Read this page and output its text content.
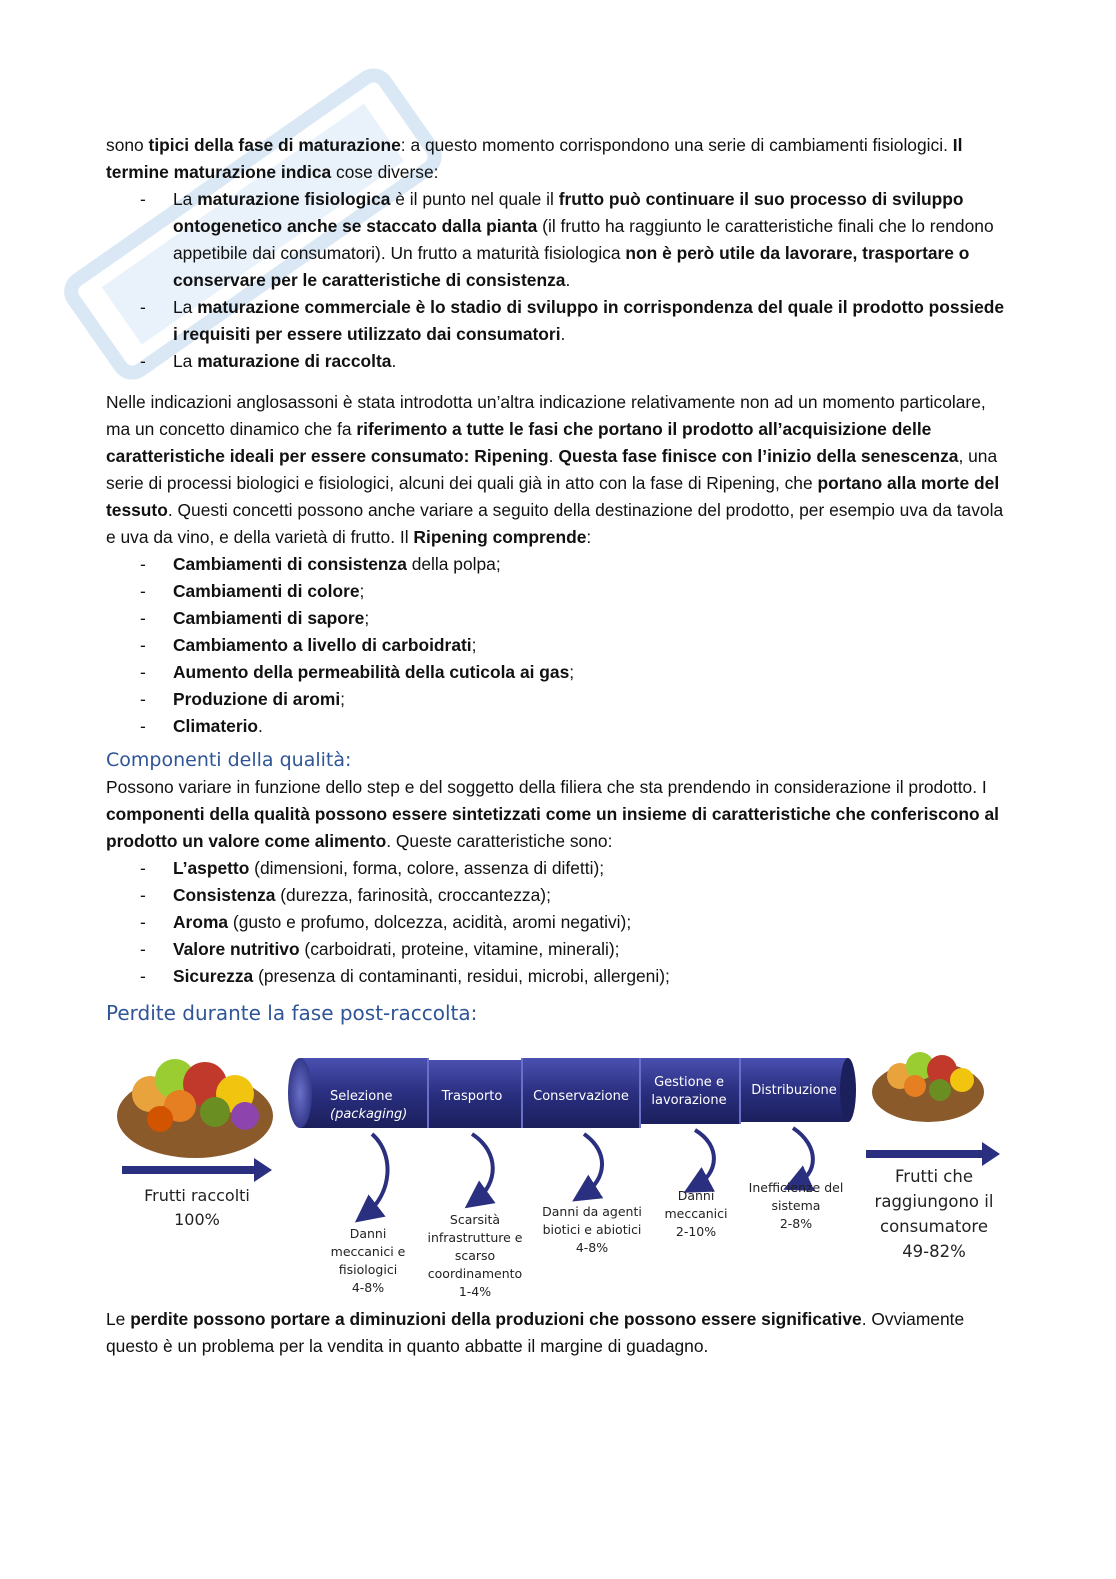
sono tipici della fase di maturazione: a questo momento corrispondono una serie di cambiamenti fisiologici. Il termine maturazione indica cose diverse:

- La maturazione fisiologica è il punto nel quale il frutto può continuare il suo processo di sviluppo ontogenetico anche se staccato dalla pianta (il frutto ha raggiunto le caratteristiche finali che lo rendono appetibile dai consumatori). Un frutto a maturità fisiologica non è però utile da lavorare, trasportare o conservare per le caratteristiche di consistenza.
- La maturazione commerciale è lo stadio di sviluppo in corrispondenza del quale il prodotto possiede i requisiti per essere utilizzato dai consumatori.
- La maturazione di raccolta.

Nelle indicazioni anglosassoni è stata introdotta un’altra indicazione relativamente non ad un momento particolare, ma un concetto dinamico che fa riferimento a tutte le fasi che portano il prodotto all’acquisizione delle caratteristiche ideali per essere consumato: Ripening. Questa fase finisce con l’inizio della senescenza, una serie di processi biologici e fisiologici, alcuni dei quali già in atto con la fase di Ripening, che portano alla morte del tessuto. Questi concetti possono anche variare a seguito della destinazione del prodotto, per esempio uva da tavola e uva da vino, e della varietà di frutto. Il Ripening comprende:

- Cambiamenti di consistenza della polpa;
- Cambiamenti di colore;
- Cambiamenti di sapore;
- Cambiamento a livello di carboidrati;
- Aumento della permeabilità della cuticola ai gas;
- Produzione di aromi;
- Climaterio.
Componenti della qualità:

Possono variare in funzione dello step e del soggetto della filiera che sta prendendo in considerazione il prodotto. I componenti della qualità possono essere sintetizzati come un insieme di caratteristiche che conferiscono al prodotto un valore come alimento. Queste caratteristiche sono:

- L’aspetto (dimensioni, forma, colore, assenza di difetti);
- Consistenza (durezza, farinosità, croccantezza);
- Aroma (gusto e profumo, dolcezza, acidità, aromi negativi);
- Valore nutritivo (carboidrati, proteine, vitamine, minerali);
- Sicurezza (presenza di contaminanti, residui, microbi, allergeni);
Perdite durante la fase post-raccolta:
Frutti raccolti
100%
Selezione
(packaging)
Trasporto Conservazione
Gestione e
lavorazione
Distribuzione
Danni
meccanici e
fisiologici
4-8%
Scarsità
infrastrutture e
scarso
coordinamento
1-4%
Danni da agenti
biotici e abiotici
4-8%
Danni
meccanici
2-10%
Inefficienze del
sistema
2-8%
Frutti che
raggiungono il
consumatore
49-82%

Le perdite possono portare a diminuzioni della produzioni che possono essere significative. Ovviamente questo è un problema per la vendita in quanto abbatte il margine di guadagno.
